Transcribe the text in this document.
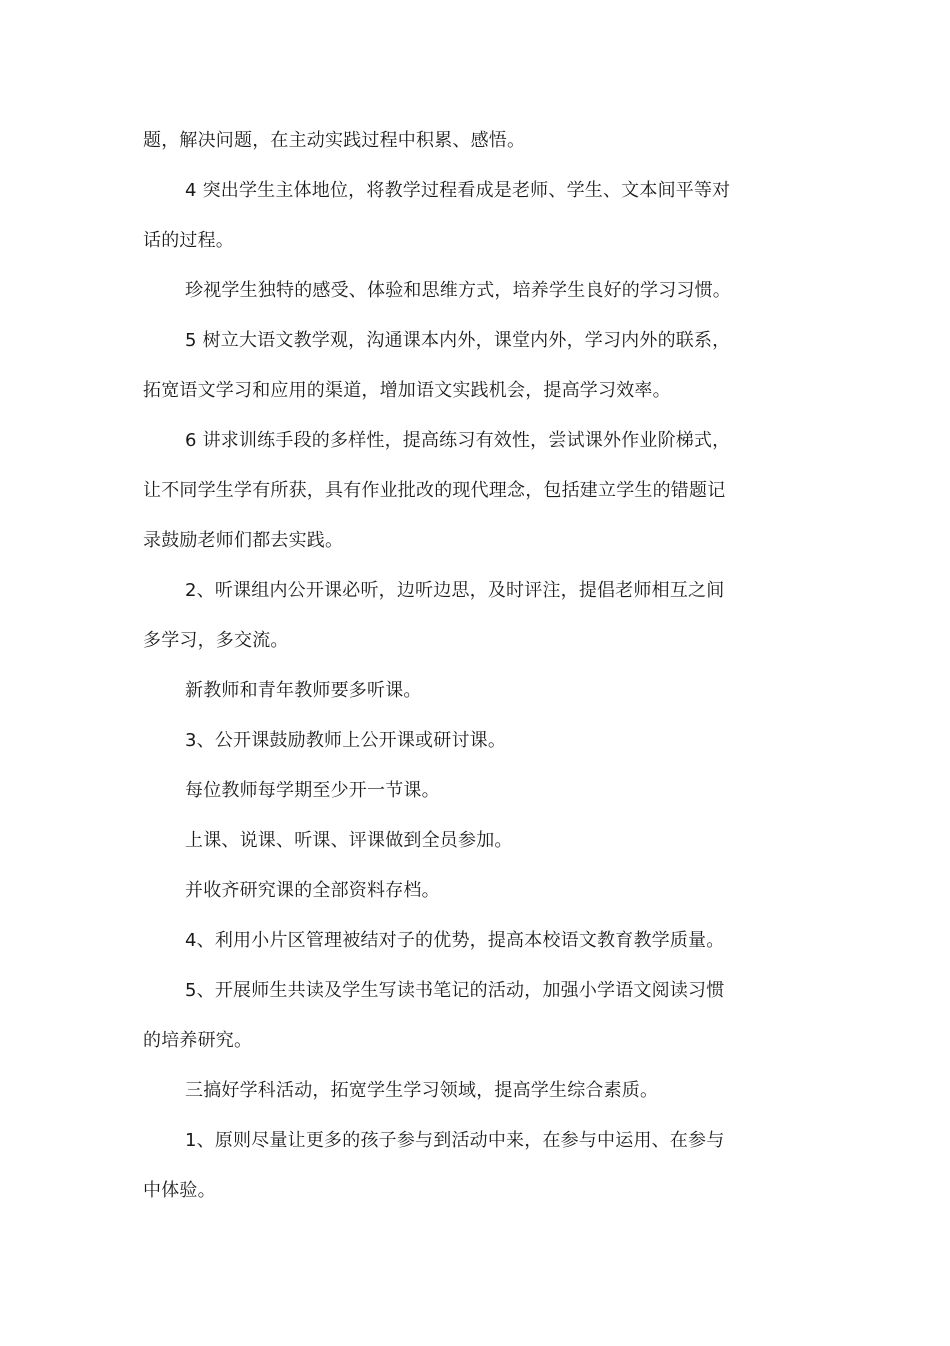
题，解决问题，在主动实践过程中积累、感悟。
4 突出学生主体地位，将教学过程看成是老师、学生、文本间平等对
话的过程。
珍视学生独特的感受、体验和思维方式，培养学生良好的学习习惯。
5 树立大语文教学观，沟通课本内外，课堂内外，学习内外的联系，
拓宽语文学习和应用的渠道，增加语文实践机会，提高学习效率。
6 讲求训练手段的多样性，提高练习有效性，尝试课外作业阶梯式，
让不同学生学有所获，具有作业批改的现代理念，包括建立学生的错题记
录鼓励老师们都去实践。
2、听课组内公开课必听，边听边思，及时评注，提倡老师相互之间
多学习，多交流。
新教师和青年教师要多听课。
3、公开课鼓励教师上公开课或研讨课。
每位教师每学期至少开一节课。
上课、说课、听课、评课做到全员参加。
并收齐研究课的全部资料存档。
4、利用小片区管理被结对子的优势，提高本校语文教育教学质量。
5、开展师生共读及学生写读书笔记的活动，加强小学语文阅读习惯
的培养研究。
三搞好学科活动，拓宽学生学习领域，提高学生综合素质。
1、原则尽量让更多的孩子参与到活动中来，在参与中运用、在参与
中体验。
